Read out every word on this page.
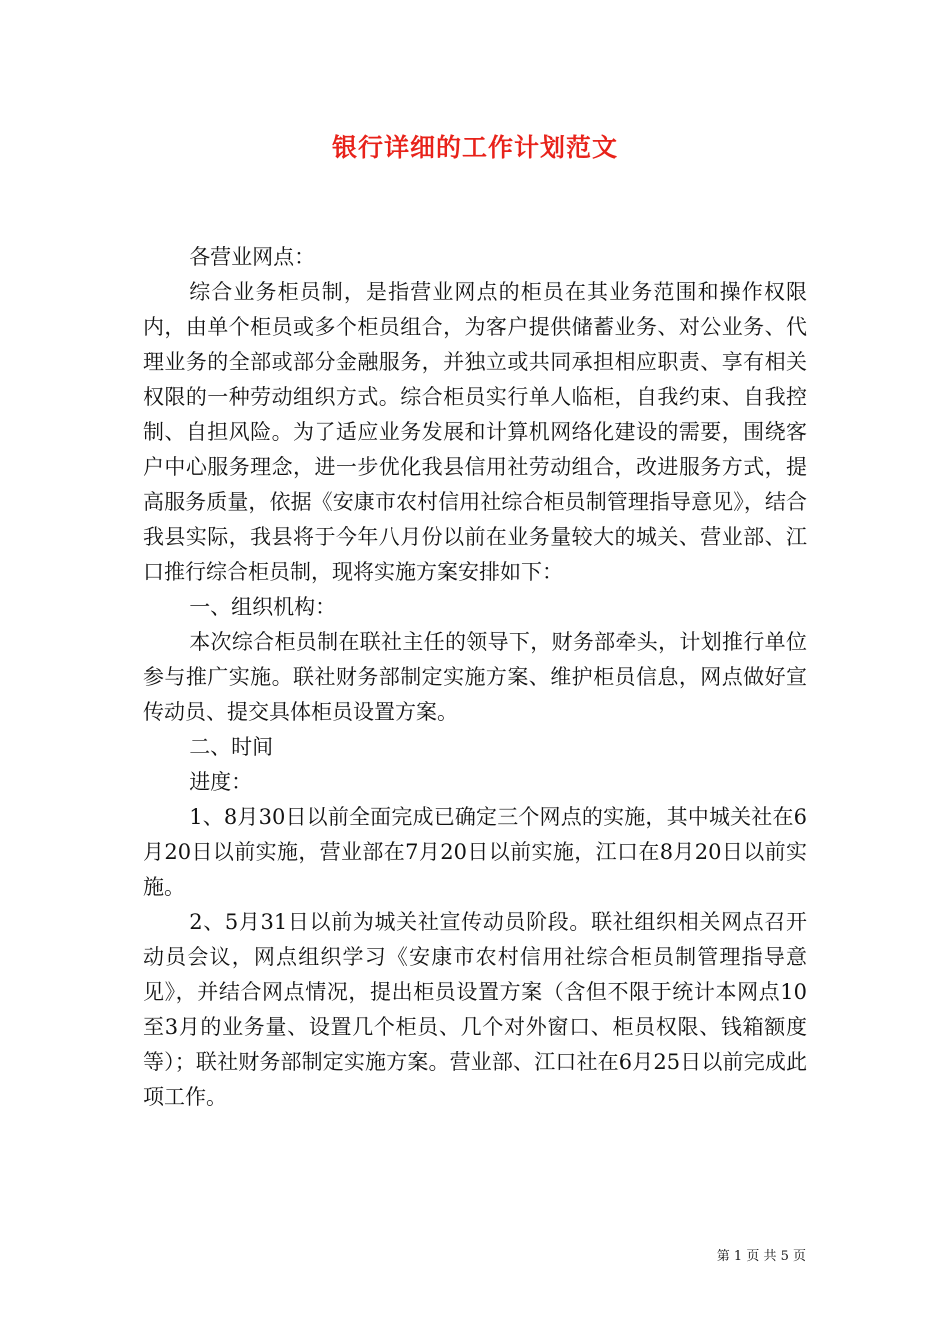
银行详细的工作计划范文

各营业网点：

综合业务柜员制，是指营业网点的柜员在其业务范围和操作权限内，由单个柜员或多个柜员组合，为客户提供储蓄业务、对公业务、代理业务的全部或部分金融服务，并独立或共同承担相应职责、享有相关权限的一种劳动组织方式。综合柜员实行单人临柜，自我约束、自我控制、自担风险。为了适应业务发展和计算机网络化建设的需要，围绕客户中心服务理念，进一步优化我县信用社劳动组合，改进服务方式，提高服务质量，依据《安康市农村信用社综合柜员制管理指导意见》，结合我县实际，我县将于今年八月份以前在业务量较大的城关、营业部、江口推行综合柜员制，现将实施方案安排如下：

一、组织机构：

本次综合柜员制在联社主任的领导下，财务部牵头，计划推行单位参与推广实施。联社财务部制定实施方案、维护柜员信息，网点做好宣传动员、提交具体柜员设置方案。

二、时间

进度：

1、8月30日以前全面完成已确定三个网点的实施，其中城关社在6月20日以前实施，营业部在7月20日以前实施，江口在8月20日以前实施。

2、5月31日以前为城关社宣传动员阶段。联社组织相关网点召开动员会议，网点组织学习《安康市农村信用社综合柜员制管理指导意见》，并结合网点情况，提出柜员设置方案（含但不限于统计本网点10至3月的业务量、设置几个柜员、几个对外窗口、柜员权限、钱箱额度等）；联社财务部制定实施方案。营业部、江口社在6月25日以前完成此项工作。

第 1 页 共 5 页
